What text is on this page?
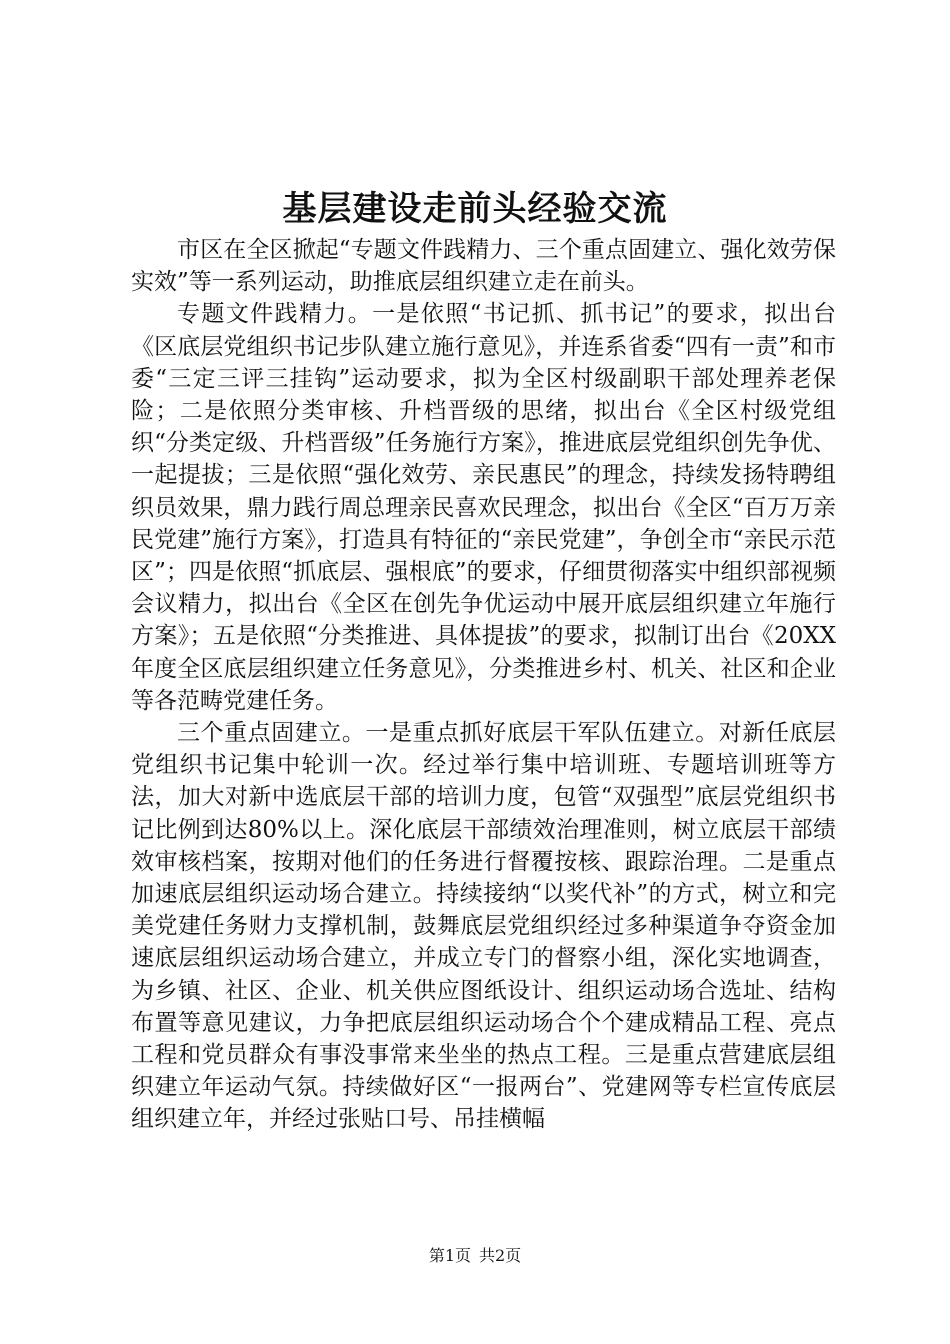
基层建设走前头经验交流

市区在全区掀起“专题文件践精力、三个重点固建立、强化效劳保实效”等一系列运动，助推底层组织建立走在前头。

专题文件践精力。一是依照“书记抓、抓书记”的要求，拟出台《区底层党组织书记步队建立施行意见》，并连系省委“四有一责”和市委“三定三评三挂钩”运动要求，拟为全区村级副职干部处理养老保险；二是依照分类审核、升档晋级的思绪，拟出台《全区村级党组织“分类定级、升档晋级”任务施行方案》，推进底层党组织创先争优、一起提拔；三是依照“强化效劳、亲民惠民”的理念，持续发扬特聘组织员效果，鼎力践行周总理亲民喜欢民理念，拟出台《全区“百万万亲民党建”施行方案》，打造具有特征的“亲民党建”，争创全市“亲民示范区”；四是依照“抓底层、强根底”的要求，仔细贯彻落实中组织部视频会议精力，拟出台《全区在创先争优运动中展开底层组织建立年施行方案》；五是依照“分类推进、具体提拔”的要求，拟制订出台《20XX年度全区底层组织建立任务意见》，分类推进乡村、机关、社区和企业等各范畴党建任务。

三个重点固建立。一是重点抓好底层干军队伍建立。对新任底层党组织书记集中轮训一次。经过举行集中培训班、专题培训班等方法，加大对新中选底层干部的培训力度，包管“双强型”底层党组织书记比例到达80%以上。深化底层干部绩效治理准则，树立底层干部绩效审核档案，按期对他们的任务进行督覆按核、跟踪治理。二是重点加速底层组织运动场合建立。持续接纳“以奖代补”的方式，树立和完美党建任务财力支撑机制，鼓舞底层党组织经过多种渠道争夺资金加速底层组织运动场合建立，并成立专门的督察小组，深化实地调查，为乡镇、社区、企业、机关供应图纸设计、组织运动场合选址、结构布置等意见建议，力争把底层组织运动场合个个建成精品工程、亮点工程和党员群众有事没事常来坐坐的热点工程。三是重点营建底层组织建立年运动气氛。持续做好区“一报两台”、党建网等专栏宣传底层组织建立年，并经过张贴口号、吊挂横幅

第1页 共2页
